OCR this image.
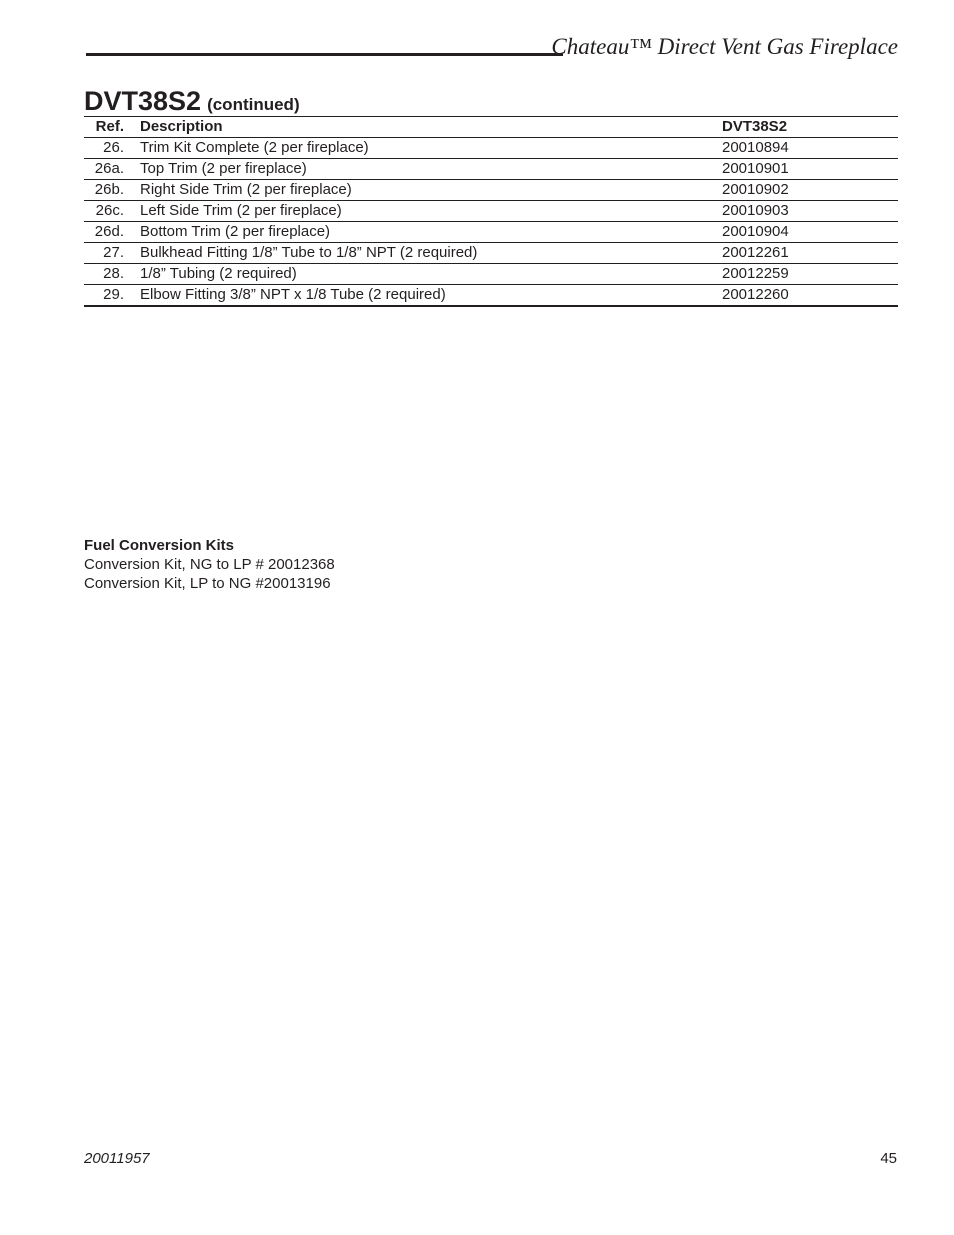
Chateau™ Direct Vent Gas Fireplace
DVT38S2 (continued)
Ref.	Description	DVT38S2
26.	Trim Kit Complete (2 per fireplace)	20010894
26a.	Top Trim (2 per fireplace)	20010901
26b.	Right Side Trim (2 per fireplace)	20010902
26c.	Left Side Trim (2 per fireplace)	20010903
26d.	Bottom Trim (2 per fireplace)	20010904
27.	Bulkhead Fitting 1/8” Tube to 1/8” NPT (2 required)	20012261
28.	1/8” Tubing (2 required)	20012259
29.	Elbow Fitting 3/8” NPT x 1/8 Tube (2 required)	20012260
Fuel Conversion Kits
Conversion Kit, NG to LP # 20012368
Conversion Kit, LP to NG #20013196
20011957	45
